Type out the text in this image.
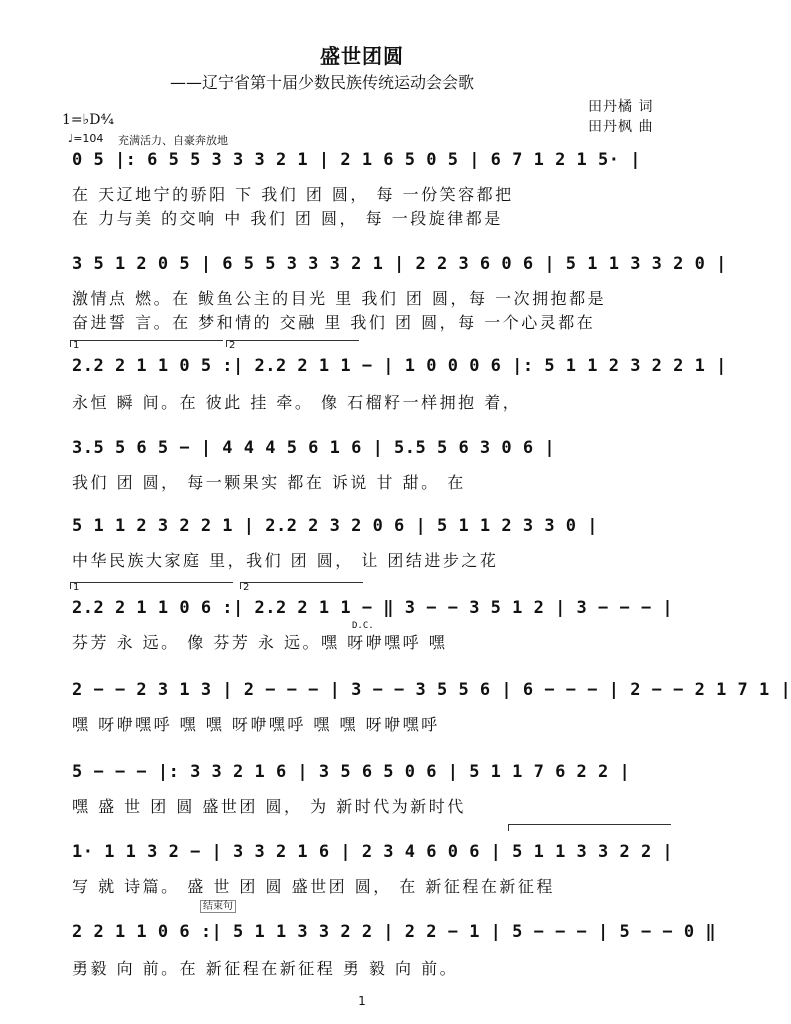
盛世团圆
——辽宁省第十届少数民族传统运动会会歌
田丹橘 词
田丹枫 曲
1=♭D⁴⁄₄
♩=104 充满活力、自豪奔放地
0 5 |: 6 5 5 3 3 3 2 1 | 2 1 6 5 0 5 | 6 7 1 2 1 5· |
在 天辽地宁的骄阳 下 我们 团 圆， 每 一份笑容都把
在 力与美 的交响 中 我们 团 圆， 每 一段旋律都是
3 5 1 2 0 5 | 6 5 5 3 3 3 2 1 | 2 2 3 6 0 6 | 5 1 1 3 3 2 0 |
激情点 燃。在 鲅鱼公主的目光 里 我们 团 圆，每 一次拥抱都是
奋进誓 言。在 梦和情的 交融 里 我们 团 圆，每 一个心灵都在
1	2
2.2 2 1 1 0 5 :| 2.2 2 1 1 − | 1 0 0 0 6 |: 5 1 1 2 3 2 2 1 |
永恒 瞬 间。在 彼此 挂 牵。 像 石榴籽一样拥抱 着，
3.5 5 6 5 − | 4 4 4 5 6 1 6 | 5.5 5 6 3 0 6 |
我们 团 圆， 每一颗果实 都在 诉说 甘 甜。 在
5 1 1 2 3 2 2 1 | 2.2 2 3 2 0 6 | 5 1 1 2 3 3 0 |
中华民族大家庭 里，我们 团 圆， 让 团结进步之花
1	2
2.2 2 1 1 0 6 :| 2.2 2 1 1 − ‖ 3 − − 3 5 1 2 | 3 − − − |
D.C.
芬芳 永 远。 像 芬芳 永 远。嘿 呀咿嘿呼 嘿
2 − − 2 3 1 3 | 2 − − − | 3 − − 3 5 5 6 | 6 − − − | 2 − − 2 1 7 1 |
嘿 呀咿嘿呼 嘿 嘿 呀咿嘿呼 嘿 嘿 呀咿嘿呼
5 − − − |: 3 3 2 1 6 | 3 5 6 5 0 6 | 5 1 1 7 6 2 2 |
嘿 盛 世 团 圆 盛世团 圆， 为 新时代为新时代
1· 1 1 3 2 − | 3 3 2 1 6 | 2 3 4 6 0 6 | 5 1 1 3 3 2 2 |
写 就 诗篇。 盛 世 团 圆 盛世团 圆， 在 新征程在新征程
结束句
2 2 1 1 0 6 :| 5 1 1 3 3 2 2 | 2 2 − 1 | 5 − − − | 5 − − 0 ‖
勇毅 向 前。在 新征程在新征程 勇 毅 向 前。
1
